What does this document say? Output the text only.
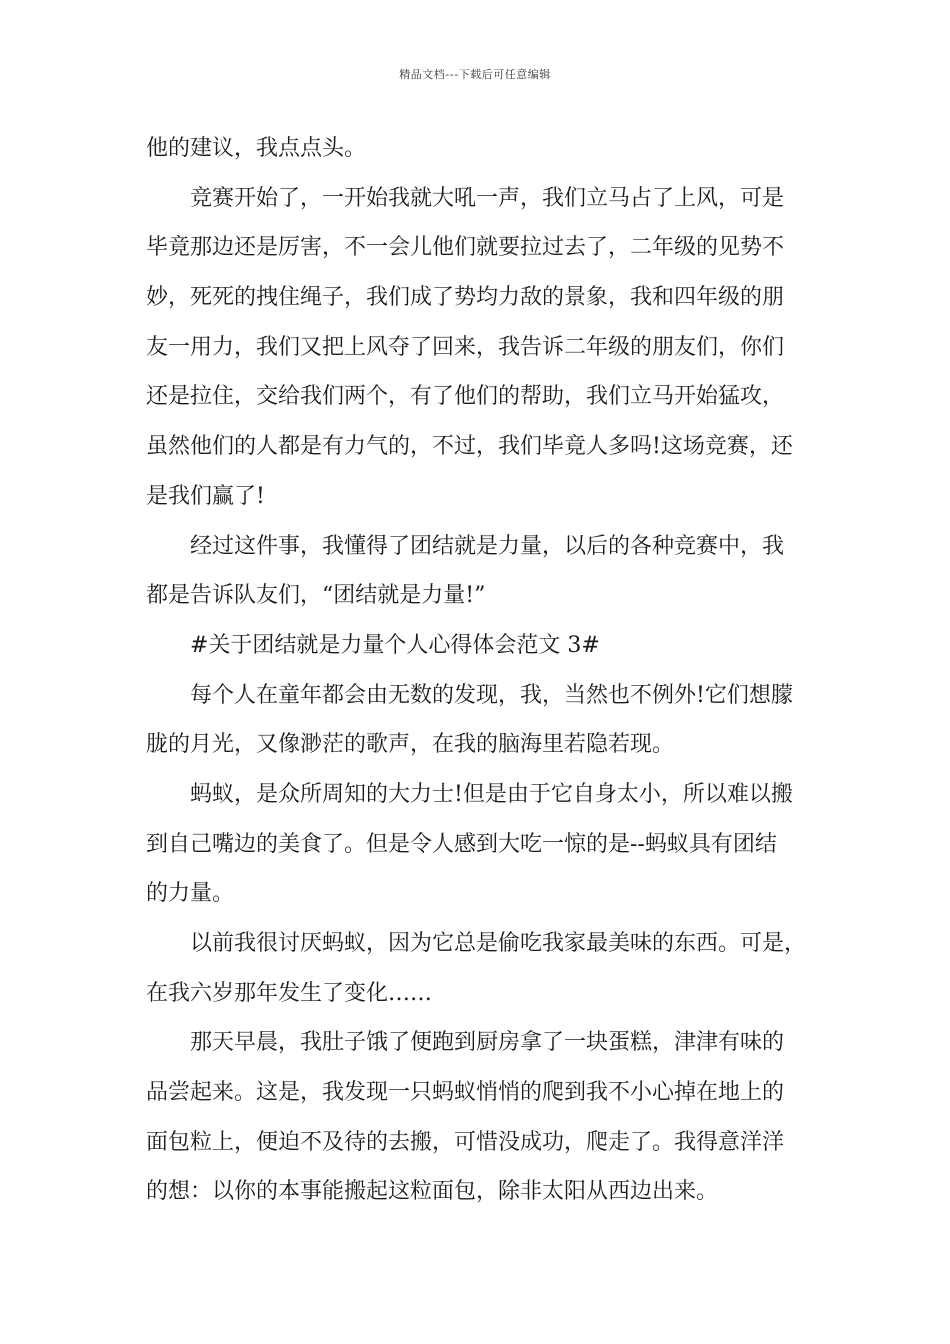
精品文档---下载后可任意编辑
他的建议，我点点头。
竞赛开始了，一开始我就大吼一声，我们立马占了上风，可是
毕竟那边还是厉害，不一会儿他们就要拉过去了，二年级的见势不
妙，死死的拽住绳子，我们成了势均力敌的景象，我和四年级的朋
友一用力，我们又把上风夺了回来，我告诉二年级的朋友们，你们
还是拉住，交给我们两个，有了他们的帮助，我们立马开始猛攻，
虽然他们的人都是有力气的，不过，我们毕竟人多吗!这场竞赛，还
是我们赢了!
经过这件事，我懂得了团结就是力量，以后的各种竞赛中，我
都是告诉队友们，“团结就是力量!”
#关于团结就是力量个人心得体会范文 3#
每个人在童年都会由无数的发现，我，当然也不例外!它们想朦
胧的月光，又像渺茫的歌声，在我的脑海里若隐若现。
蚂蚁，是众所周知的大力士!但是由于它自身太小，所以难以搬
到自己嘴边的美食了。但是令人感到大吃一惊的是--蚂蚁具有团结
的力量。
以前我很讨厌蚂蚁，因为它总是偷吃我家最美味的东西。可是，
在我六岁那年发生了变化……
那天早晨，我肚子饿了便跑到厨房拿了一块蛋糕，津津有味的
品尝起来。这是，我发现一只蚂蚁悄悄的爬到我不小心掉在地上的
面包粒上，便迫不及待的去搬，可惜没成功，爬走了。我得意洋洋
的想：以你的本事能搬起这粒面包，除非太阳从西边出来。
